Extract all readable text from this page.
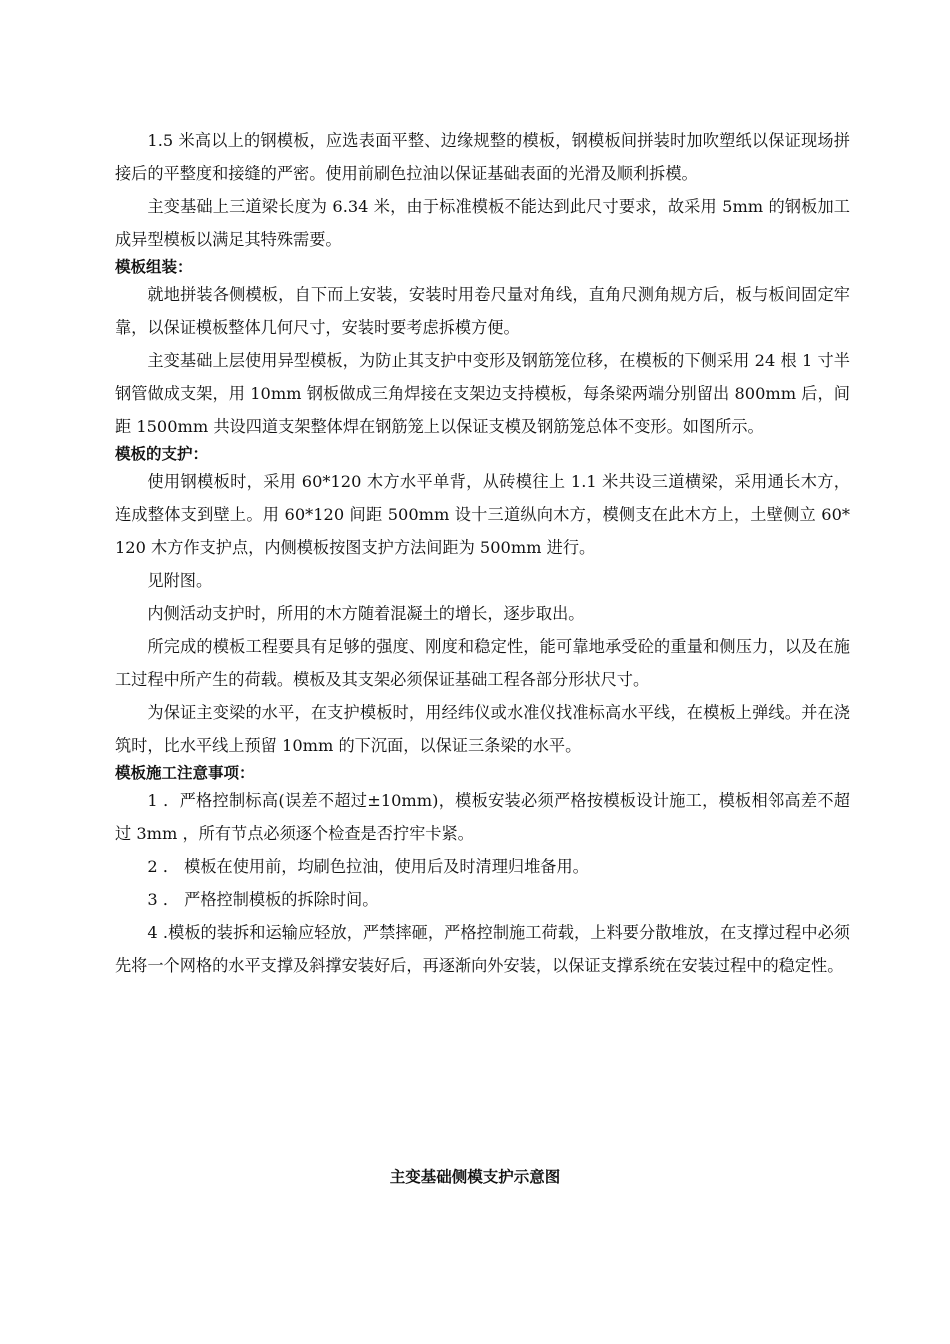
1.5 米高以上的钢模板，应选表面平整、边缘规整的模板，钢模板间拼装时加吹塑纸以保证现场拼接后的平整度和接缝的严密。使用前刷色拉油以保证基础表面的光滑及顺利拆模。

主变基础上三道梁长度为 6.34 米，由于标准模板不能达到此尺寸要求，故采用 5mm 的钢板加工成异型模板以满足其特殊需要。

模板组装：

就地拼装各侧模板，自下而上安装，安装时用卷尺量对角线，直角尺测角规方后，板与板间固定牢靠，以保证模板整体几何尺寸，安装时要考虑拆模方便。

主变基础上层使用异型模板，为防止其支护中变形及钢筋笼位移，在模板的下侧采用 24 根 1 寸半钢管做成支架，用 10mm 钢板做成三角焊接在支架边支持模板，每条梁两端分别留出 800mm 后，间距 1500mm 共设四道支架整体焊在钢筋笼上以保证支模及钢筋笼总体不变形。如图所示。

模板的支护：

使用钢模板时，采用 60*120 木方水平单背，从砖模往上 1.1 米共设三道横梁，采用通长木方，连成整体支到壁上。用 60*120 间距 500mm 设十三道纵向木方，模侧支在此木方上，土壁侧立 60*120 木方作支护点，内侧模板按图支护方法间距为 500mm 进行。

见附图。

内侧活动支护时，所用的木方随着混凝土的增长，逐步取出。

所完成的模板工程要具有足够的强度、刚度和稳定性，能可靠地承受砼的重量和侧压力，以及在施工过程中所产生的荷载。模板及其支架必须保证基础工程各部分形状尺寸。

为保证主变梁的水平，在支护模板时，用经纬仪或水准仪找准标高水平线，在模板上弹线。并在浇筑时，比水平线上预留 10mm 的下沉面，以保证三条梁的水平。

模板施工注意事项：

1 ．严格控制标高(误差不超过±10mm)，模板安装必须严格按模板设计施工，模板相邻高差不超过 3mm ，所有节点必须逐个检查是否拧牢卡紧。

2 ． 模板在使用前，均刷色拉油，使用后及时清理归堆备用。

3 ． 严格控制模板的拆除时间。

4 .模板的装拆和运输应轻放，严禁摔砸，严格控制施工荷载，上料要分散堆放，在支撑过程中必须先将一个网格的水平支撑及斜撑安装好后，再逐渐向外安装，以保证支撑系统在安装过程中的稳定性。

主变基础侧模支护示意图
